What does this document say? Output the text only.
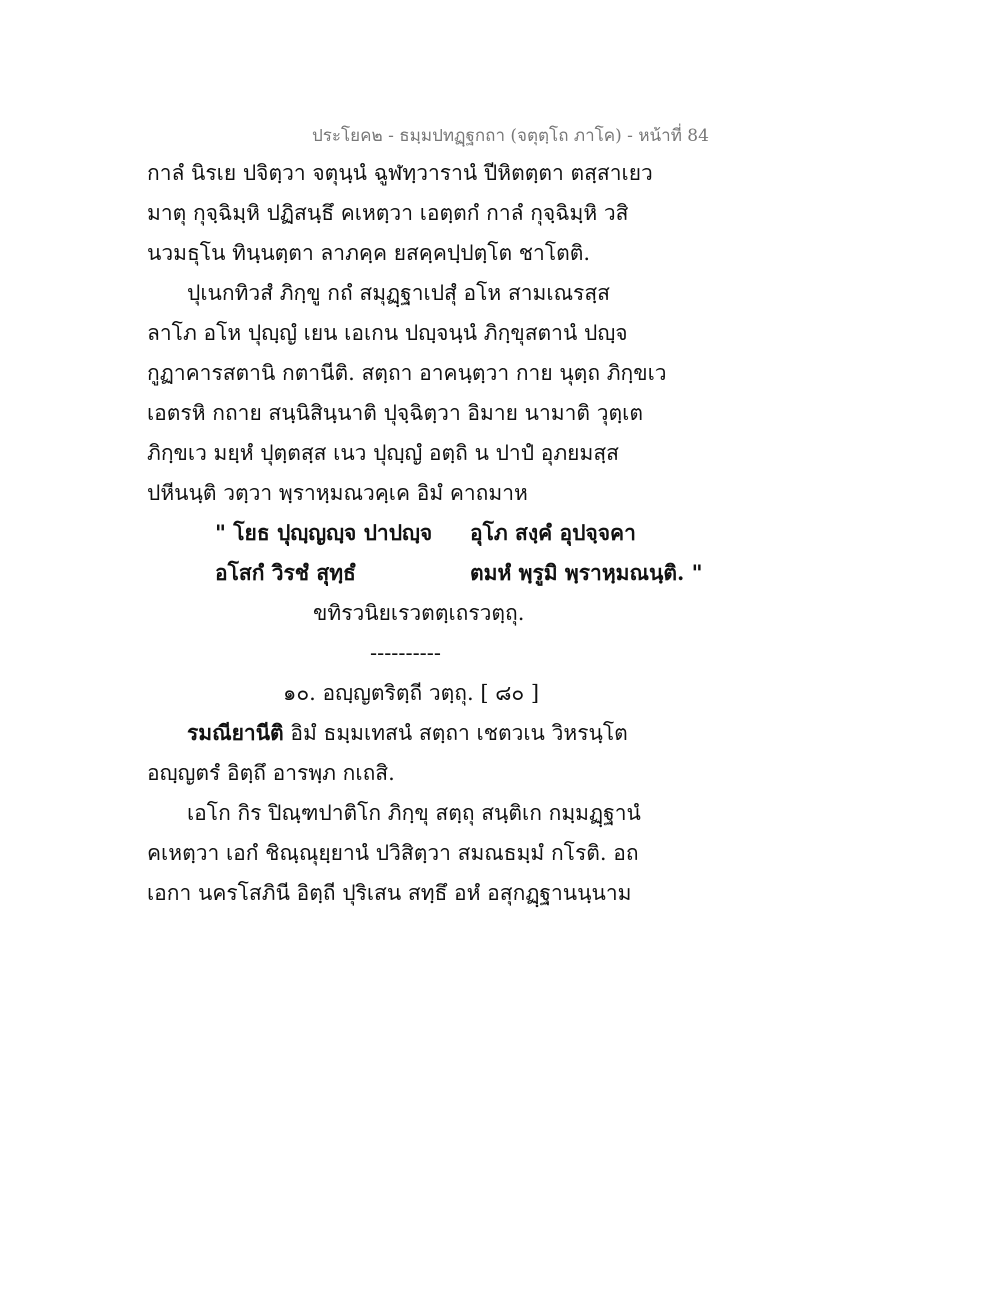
ประโยค๒ - ธมฺมปทฏฺฐกถา (จตุตฺโถ ภาโค) - หน้าที่ 84
กาลํ นิรเย ปจิตฺวา จตุนฺนํ ฉูฬทฺวารานํ ปีหิตตฺตา ตสฺสาเยว
มาตุ กุจฺฉิมฺหิ ปฏิสนฺธึ คเหตฺวา เอตฺตกํ กาลํ กุจฺฉิมฺหิ วสิ
นวมธุโน ทินฺนตฺตา ลาภคฺค ยสคฺคปฺปตฺโต ชาโตติ.
ปุเนกทิวสํ ภิกฺขู กถํ สมุฏฺฐาเปสุํ อโห สามเณรสฺส
ลาโภ อโห ปุญฺญํ เยน เอเกน ปญฺจนฺนํ ภิกฺขุสตานํ ปญฺจ
กูฏาคารสตานิ กตานีติ. สตฺถา อาคนฺตฺวา กาย นุตฺถ ภิกฺขเว
เอตรหิ กถาย สนฺนิสินฺนาติ ปุจฺฉิตฺวา อิมาย นามาติ วุตฺเต
ภิกฺขเว มยฺหํ ปุตฺตสฺส เนว ปุญฺญํ อตฺถิ น ปาปํ อุภยมสฺส
ปหีนนฺติ วตฺวา พฺราหฺมณวคฺเค อิมํ คาถมาห
" โยธ ปุญฺญญฺจ ปาปญฺจ อุโภ สงฺคํ อุปจฺจคา
อโสกํ วิรชํ สุทฺธํ	ตมหํ พฺรูมิ พฺราหฺมณนฺติ. "
ขทิรวนิยเรวตตฺเถรวตฺถุ.
----------
๑๐. อญฺญตริตฺถี วตฺถุ. [ ๘๐ ]
รมณียานีติ อิมํ ธมฺมเทสนํ สตฺถา เชตวเน วิหรนฺโต
อญฺญตรํ อิตฺถึ อารพฺภ กเถสิ.
เอโก กิร ปิณฺฑปาติโก ภิกฺขุ สตฺถุ สนฺติเก กมฺมฏฺฐานํ
คเหตฺวา เอกํ ชิณฺณุยฺยานํ ปวิสิตฺวา สมณธมฺมํ กโรติ. อถ
เอกา นครโสภินี อิตฺถี ปุริเสน สทฺธึ อหํ อสุกฏฺฐานนฺนาม
